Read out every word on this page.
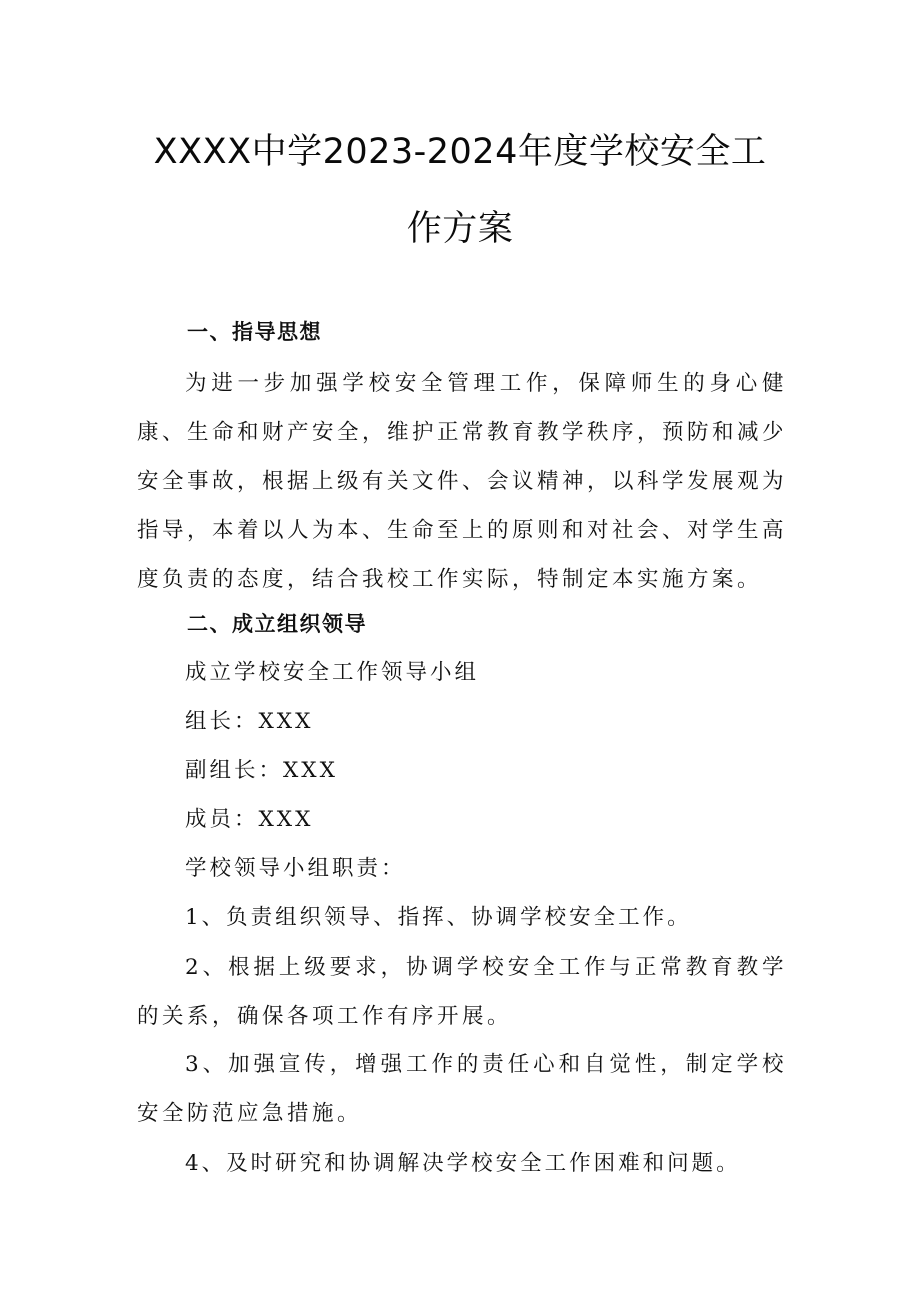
XXXX中学2023-2024年度学校安全工
作方案
一、指导思想
为进一步加强学校安全管理工作，保障师生的身心健康、生命和财产安全，维护正常教育教学秩序，预防和减少安全事故，根据上级有关文件、会议精神，以科学发展观为指导，本着以人为本、生命至上的原则和对社会、对学生高度负责的态度，结合我校工作实际，特制定本实施方案。
二、成立组织领导
成立学校安全工作领导小组
组长：XXX
副组长：XXX
成员：XXX
学校领导小组职责：
1、负责组织领导、指挥、协调学校安全工作。
2、根据上级要求，协调学校安全工作与正常教育教学的关系，确保各项工作有序开展。
3、加强宣传，增强工作的责任心和自觉性，制定学校安全防范应急措施。
4、及时研究和协调解决学校安全工作困难和问题。
